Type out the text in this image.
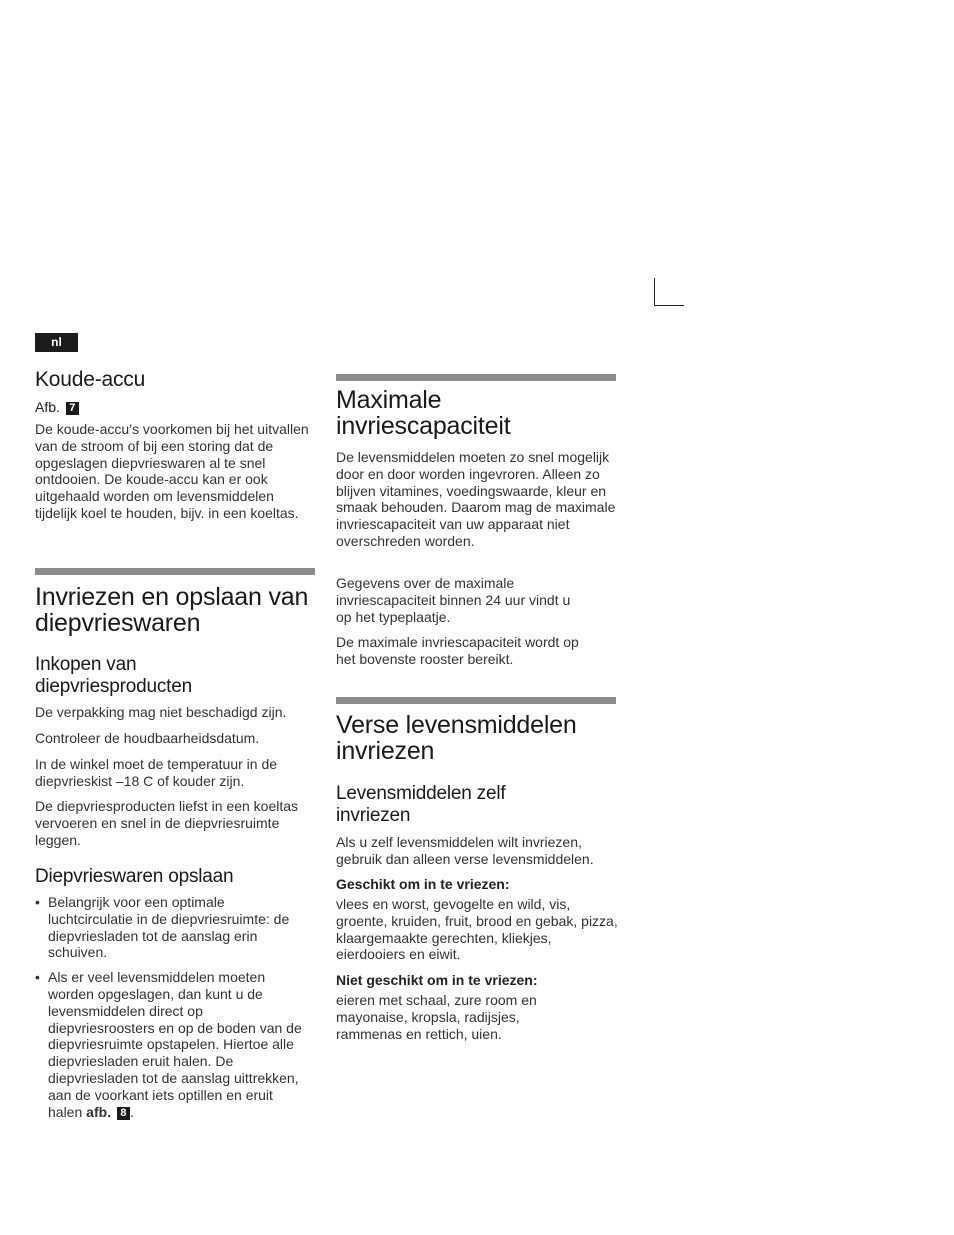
nl
Koude-accu

Afb. 7

De koude-accu’s voorkomen bij het uitvallen van de stroom of bij een storing dat de opgeslagen diepvrieswaren al te snel ontdooien. De koude-accu kan er ook uitgehaald worden om levensmiddelen tijdelijk koel te houden, bijv. in een koeltas.

Invriezen en opslaan van diepvrieswaren
Inkopen van diepvriesproducten

De verpakking mag niet beschadigd zijn.

Controleer de houdbaarheidsdatum.

In de winkel moet de temperatuur in de diepvrieskist –18 C of kouder zijn.

De diepvriesproducten liefst in een koeltas vervoeren en snel in de diepvriesruimte leggen.

Diepvrieswaren opslaan
• Belangrijk voor een optimale luchtcirculatie in de diepvriesruimte: de diepvriesladen tot de aanslag erin schuiven.
• Als er veel levensmiddelen moeten worden opgeslagen, dan kunt u de levensmiddelen direct op diepvriesroosters en op de boden van de diepvriesruimte opstapelen. Hiertoe alle diepvriesladen eruit halen. De diepvriesladen tot de aanslag uittrekken, aan de voorkant iets optillen en eruit halen afb. 8 .
Maximale invriescapaciteit

De levensmiddelen moeten zo snel mogelijk door en door worden ingevroren. Alleen zo blijven vitamines, voedingswaarde, kleur en smaak behouden. Daarom mag de maximale invriescapaciteit van uw apparaat niet overschreden worden.

Gegevens over de maximale invriescapaciteit binnen 24 uur vindt u op het typeplaatje.

De maximale invriescapaciteit wordt op het bovenste rooster bereikt.

Verse levensmiddelen invriezen
Levensmiddelen zelf invriezen

Als u zelf levensmiddelen wilt invriezen, gebruik dan alleen verse levensmiddelen.

Geschikt om in te vriezen:

vlees en worst, gevogelte en wild, vis, groente, kruiden, fruit, brood en gebak, pizza, klaargemaakte gerechten, kliekjes, eierdooiers en eiwit.

Niet geschikt om in te vriezen:

eieren met schaal, zure room en mayonaise, kropsla, radijsjes, rammenas en rettich, uien.
